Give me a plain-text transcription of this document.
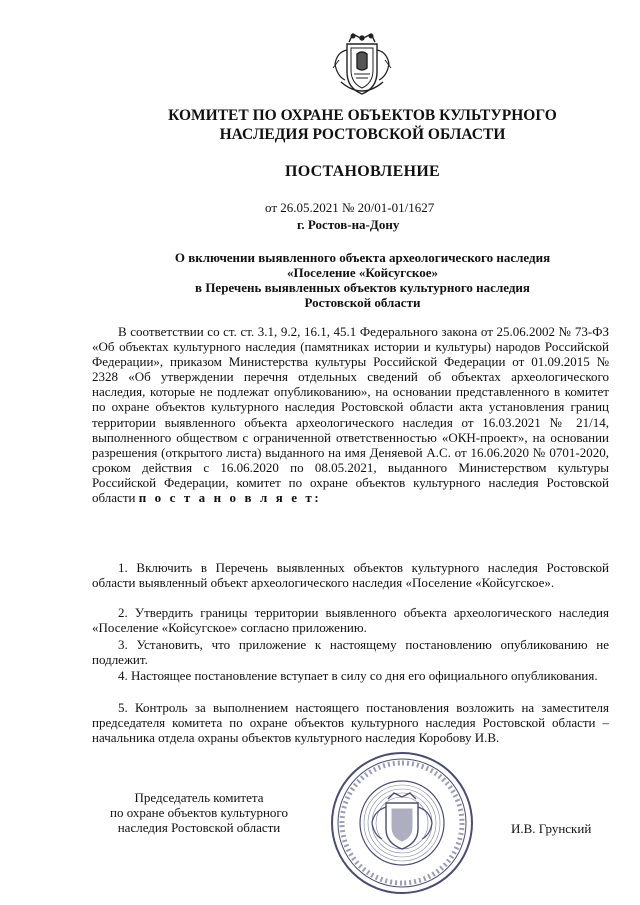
КОМИТЕТ ПО ОХРАНЕ ОБЪЕКТОВ КУЛЬТУРНОГО
НАСЛЕДИЯ РОСТОВСКОЙ ОБЛАСТИ
ПОСТАНОВЛЕНИЕ
от 26.05.2021 № 20/01-01/1627
г. Ростов-на-Дону
О включении выявленного объекта археологического наследия
«Поселение «Койсугское»
в Перечень выявленных объектов культурного наследия
Ростовской области

В соответствии со ст. ст. 3.1, 9.2, 16.1, 45.1 Федерального закона от 25.06.2002 № 73-ФЗ «Об объектах культурного наследия (памятниках истории и культуры) народов Российской Федерации», приказом Министерства культуры Российской Федерации от 01.09.2015 № 2328 «Об утверждении перечня отдельных сведений об объектах археологического наследия, которые не подлежат опубликованию», на основании представленного в комитет по охране объектов культурного наследия Ростовской области акта установления границ территории выявленного объекта археологического наследия от 16.03.2021 № 21/14, выполненного обществом с ограниченной ответственностью «ОКН-проект», на основании разрешения (открытого листа) выданного на имя Деняевой А.С. от 16.06.2020 № 0701-2020, сроком действия с 16.06.2020 по 08.05.2021, выданного Министерством культуры Российской Федерации, комитет по охране объектов культурного наследия Ростовской области п о с т а н о в л я е т:

1. Включить в Перечень выявленных объектов культурного наследия Ростовской области выявленный объект археологического наследия «Поселение «Койсугское».

2. Утвердить границы территории выявленного объекта археологического наследия «Поселение «Койсугское» согласно приложению.

3. Установить, что приложение к настоящему постановлению опубликованию не подлежит.

4. Настоящее постановление вступает в силу со дня его официального опубликования.

5. Контроль за выполнением настоящего постановления возложить на заместителя председателя комитета по охране объектов культурного наследия Ростовской области – начальника отдела охраны объектов культурного наследия Коробову И.В.

Председатель комитета
по охране объектов культурного
наследия Ростовской области	И.В. Грунский
